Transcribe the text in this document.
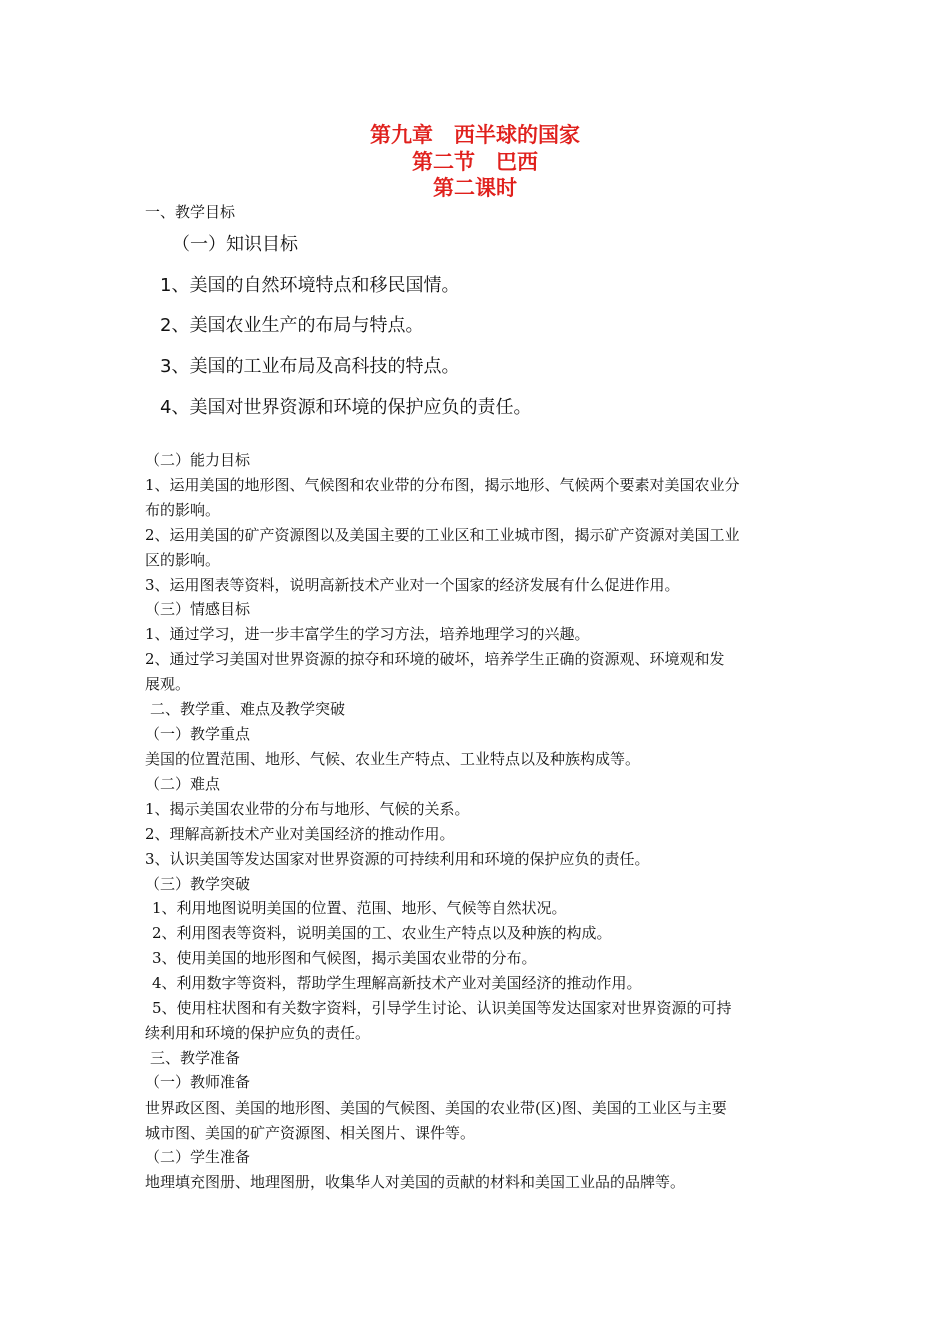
第九章　西半球的国家
第二节　巴西
第二课时
一、教学目标
（一）知识目标
1、美国的自然环境特点和移民国情。
2、美国农业生产的布局与特点。
3、美国的工业布局及高科技的特点。
4、美国对世界资源和环境的保护应负的责任。
（二）能力目标
1、运用美国的地形图、气候图和农业带的分布图，揭示地形、气候两个要素对美国农业分
布的影响。
2、运用美国的矿产资源图以及美国主要的工业区和工业城市图，揭示矿产资源对美国工业
区的影响。
3、运用图表等资料，说明高新技术产业对一个国家的经济发展有什么促进作用。
（三）情感目标
1、通过学习，进一步丰富学生的学习方法，培养地理学习的兴趣。
2、通过学习美国对世界资源的掠夺和环境的破坏，培养学生正确的资源观、环境观和发
展观。
二、教学重、难点及教学突破
（一）教学重点
美国的位置范围、地形、气候、农业生产特点、工业特点以及种族构成等。
（二）难点
1、揭示美国农业带的分布与地形、气候的关系。
2、理解高新技术产业对美国经济的推动作用。
3、认识美国等发达国家对世界资源的可持续利用和环境的保护应负的责任。
（三）教学突破
1、利用地图说明美国的位置、范围、地形、气候等自然状况。
2、利用图表等资料，说明美国的工、农业生产特点以及种族的构成。
3、使用美国的地形图和气候图，揭示美国农业带的分布。
4、利用数字等资料，帮助学生理解高新技术产业对美国经济的推动作用。
5、使用柱状图和有关数字资料，引导学生讨论、认识美国等发达国家对世界资源的可持
续利用和环境的保护应负的责任。
三、教学准备
（一）教师准备
世界政区图、美国的地形图、美国的气候图、美国的农业带(区)图、美国的工业区与主要
城市图、美国的矿产资源图、相关图片、课件等。
（二）学生准备
地理填充图册、地理图册，收集华人对美国的贡献的材料和美国工业品的品牌等。
